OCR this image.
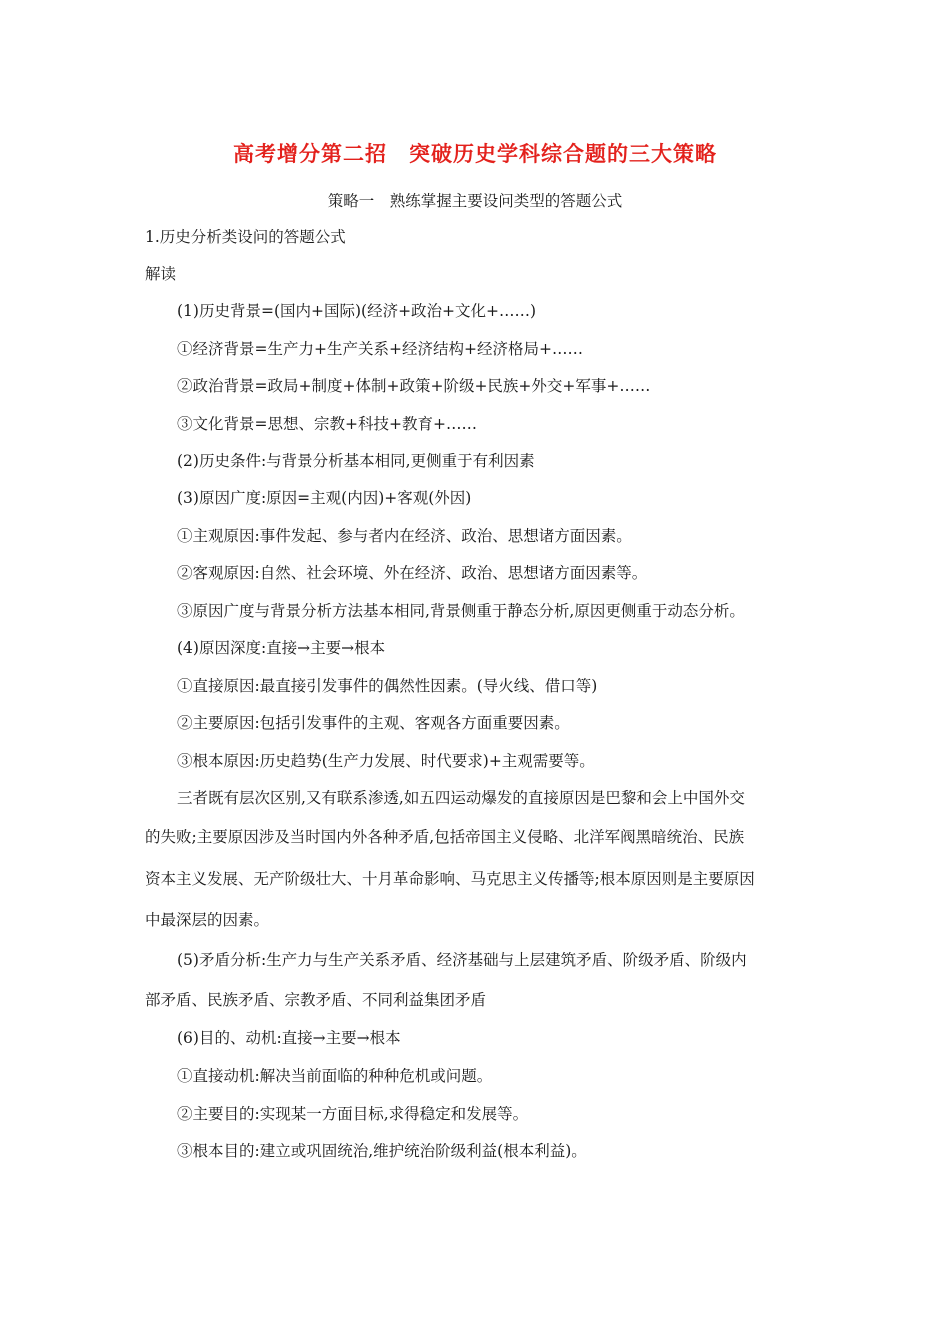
高考增分第二招　突破历史学科综合题的三大策略
策略一　熟练掌握主要设问类型的答题公式
1.历史分析类设问的答题公式
解读
(1)历史背景=(国内+国际)(经济+政治+文化+……)
①经济背景=生产力+生产关系+经济结构+经济格局+……
②政治背景=政局+制度+体制+政策+阶级+民族+外交+军事+……
③文化背景=思想、宗教+科技+教育+……
(2)历史条件:与背景分析基本相同,更侧重于有利因素
(3)原因广度:原因=主观(内因)+客观(外因)
①主观原因:事件发起、参与者内在经济、政治、思想诸方面因素。
②客观原因:自然、社会环境、外在经济、政治、思想诸方面因素等。
③原因广度与背景分析方法基本相同,背景侧重于静态分析,原因更侧重于动态分析。
(4)原因深度:直接→主要→根本
①直接原因:最直接引发事件的偶然性因素。(导火线、借口等)
②主要原因:包括引发事件的主观、客观各方面重要因素。
③根本原因:历史趋势(生产力发展、时代要求)+主观需要等。
三者既有层次区别,又有联系渗透,如五四运动爆发的直接原因是巴黎和会上中国外交
的失败;主要原因涉及当时国内外各种矛盾,包括帝国主义侵略、北洋军阀黑暗统治、民族
资本主义发展、无产阶级壮大、十月革命影响、马克思主义传播等;根本原因则是主要原因
中最深层的因素。
(5)矛盾分析:生产力与生产关系矛盾、经济基础与上层建筑矛盾、阶级矛盾、阶级内
部矛盾、民族矛盾、宗教矛盾、不同利益集团矛盾
(6)目的、动机:直接→主要→根本
①直接动机:解决当前面临的种种危机或问题。
②主要目的:实现某一方面目标,求得稳定和发展等。
③根本目的:建立或巩固统治,维护统治阶级利益(根本利益)。
